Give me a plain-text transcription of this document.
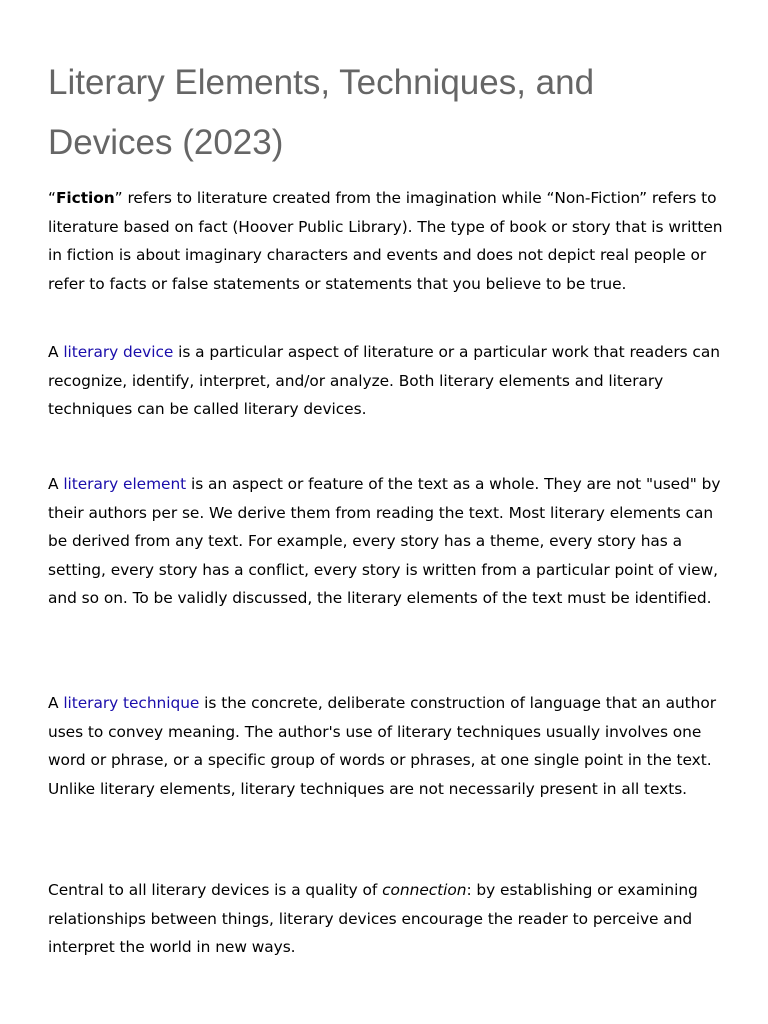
Literary Elements, Techniques, and Devices (2023)

“Fiction” refers to literature created from the imagination while “Non-Fiction” refers to literature based on fact (Hoover Public Library). The type of book or story that is written in fiction is about imaginary characters and events and does not depict real people or refer to facts or false statements or statements that you believe to be true.

A literary device is a particular aspect of literature or a particular work that readers can recognize, identify, interpret, and/or analyze. Both literary elements and literary techniques can be called literary devices.

A literary element is an aspect or feature of the text as a whole. They are not "used" by their authors per se. We derive them from reading the text. Most literary elements can be derived from any text. For example, every story has a theme, every story has a setting, every story has a conflict, every story is written from a particular point of view, and so on. To be validly discussed, the literary elements of the text must be identified.

A literary technique is the concrete, deliberate construction of language that an author uses to convey meaning. The author's use of literary techniques usually involves one word or phrase, or a specific group of words or phrases, at one single point in the text. Unlike literary elements, literary techniques are not necessarily present in all texts.

Central to all literary devices is a quality of connection: by establishing or examining relationships between things, literary devices encourage the reader to perceive and interpret the world in new ways.
